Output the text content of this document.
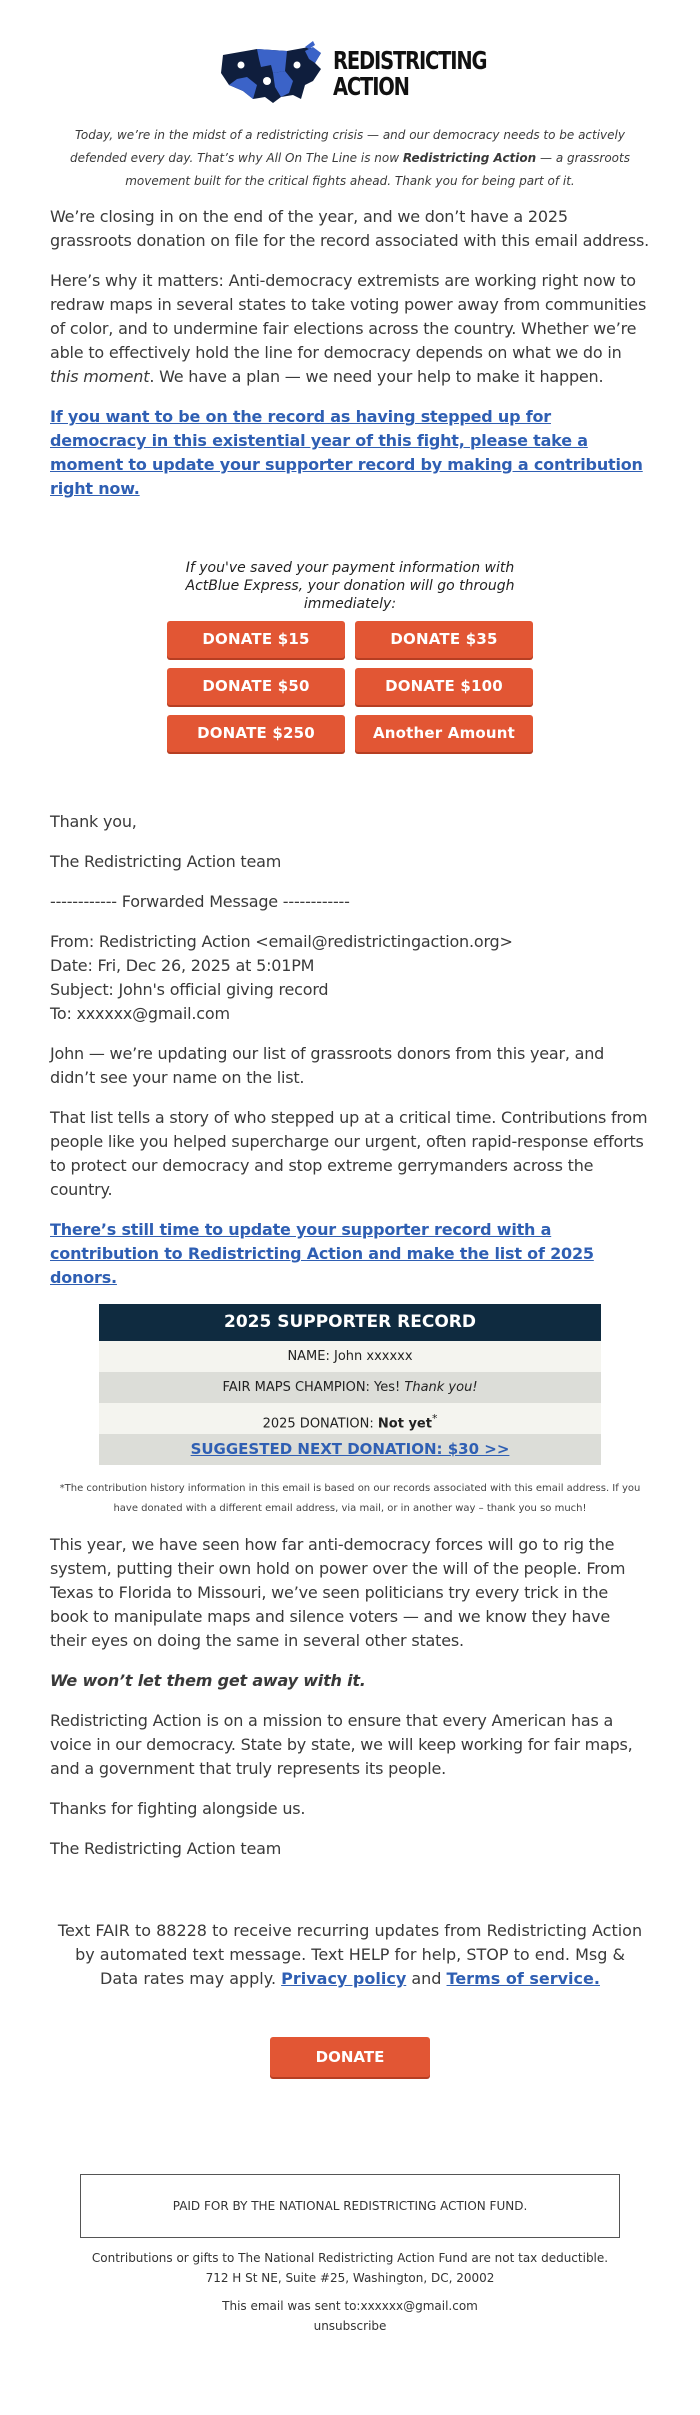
REDISTRICTING
ACTION
Today, we’re in the midst of a redistricting crisis — and our democracy needs to be actively defended every day. That’s why All On The Line is now Redistricting Action — a grassroots movement built for the critical fights ahead. Thank you for being part of it.

We’re closing in on the end of the year, and we don’t have a 2025 grassroots donation on file for the record associated with this email address.

Here’s why it matters: Anti-democracy extremists are working right now to redraw maps in several states to take voting power away from communities of color, and to undermine fair elections across the country. Whether we’re able to effectively hold the line for democracy depends on what we do in this moment. We have a plan — we need your help to make it happen.

If you want to be on the record as having stepped up for democracy in this existential year of this fight, please take a moment to update your supporter record by making a contribution right now.

If you've saved your payment information with ActBlue Express, your donation will go through immediately:
DONATE $15	DONATE $35
DONATE $50	DONATE $100
DONATE $250	Another Amount

Thank you,

The Redistricting Action team

------------ Forwarded Message ------------

From: Redistricting Action <email@redistrictingaction.org>

Date: Fri, Dec 26, 2025 at 5:01PM

Subject: John's official giving record

To: xxxxxx@gmail.com

John — we’re updating our list of grassroots donors from this year, and didn’t see your name on the list.

That list tells a story of who stepped up at a critical time. Contributions from people like you helped supercharge our urgent, often rapid-response efforts to protect our democracy and stop extreme gerrymanders across the country.

There’s still time to update your supporter record with a contribution to Redistricting Action and make the list of 2025 donors.

2025 SUPPORTER RECORD
NAME: John xxxxxx
FAIR MAPS CHAMPION: Yes! Thank you!
2025 DONATION: Not yet*
SUGGESTED NEXT DONATION: $30 >>
*The contribution history information in this email is based on our records associated with this email address. If you have donated with a different email address, via mail, or in another way – thank you so much!

This year, we have seen how far anti-democracy forces will go to rig the system, putting their own hold on power over the will of the people. From Texas to Florida to Missouri, we’ve seen politicians try every trick in the book to manipulate maps and silence voters — and we know they have their eyes on doing the same in several other states.

We won’t let them get away with it.

Redistricting Action is on a mission to ensure that every American has a voice in our democracy. State by state, we will keep working for fair maps, and a government that truly represents its people.

Thanks for fighting alongside us.

The Redistricting Action team

Text FAIR to 88228 to receive recurring updates from Redistricting Action by automated text message. Text HELP for help, STOP to end. Msg & Data rates may apply. Privacy policy and Terms of service.
DONATE
PAID FOR BY THE NATIONAL REDISTRICTING ACTION FUND.
Contributions or gifts to The National Redistricting Action Fund are not tax deductible.
712 H St NE, Suite #25, Washington, DC, 20002
This email was sent to:xxxxxx@gmail.com
unsubscribe
